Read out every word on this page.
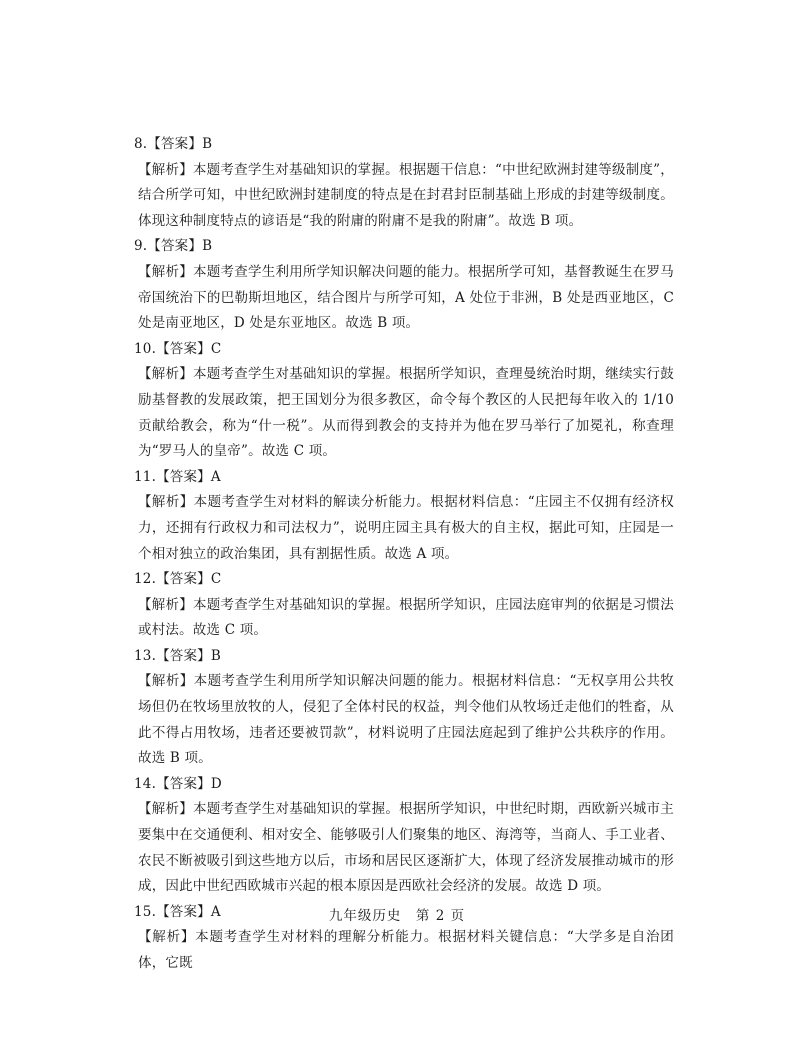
8.【答案】B
【解析】本题考查学生对基础知识的掌握。根据题干信息：“中世纪欧洲封建等级制度”，结合所学可知，中世纪欧洲封建制度的特点是在封君封臣制基础上形成的封建等级制度。体现这种制度特点的谚语是“我的附庸的附庸不是我的附庸”。故选 B 项。
9.【答案】B
【解析】本题考查学生利用所学知识解决问题的能力。根据所学可知，基督教诞生在罗马帝国统治下的巴勒斯坦地区，结合图片与所学可知，A 处位于非洲，B 处是西亚地区，C 处是南亚地区，D 处是东亚地区。故选 B 项。
10.【答案】C
【解析】本题考查学生对基础知识的掌握。根据所学知识，查理曼统治时期，继续实行鼓励基督教的发展政策，把王国划分为很多教区，命令每个教区的人民把每年收入的 1/10 贡献给教会，称为“什一税”。从而得到教会的支持并为他在罗马举行了加冕礼，称查理为“罗马人的皇帝”。故选 C 项。
11.【答案】A
【解析】本题考查学生对材料的解读分析能力。根据材料信息：“庄园主不仅拥有经济权力，还拥有行政权力和司法权力”，说明庄园主具有极大的自主权，据此可知，庄园是一个相对独立的政治集团，具有割据性质。故选 A 项。
12.【答案】C
【解析】本题考查学生对基础知识的掌握。根据所学知识，庄园法庭审判的依据是习惯法或村法。故选 C 项。
13.【答案】B
【解析】本题考查学生利用所学知识解决问题的能力。根据材料信息：“无权享用公共牧场但仍在牧场里放牧的人，侵犯了全体村民的权益，判令他们从牧场迁走他们的牲畜，从此不得占用牧场，违者还要被罚款”，材料说明了庄园法庭起到了维护公共秩序的作用。故选 B 项。
14.【答案】D
【解析】本题考查学生对基础知识的掌握。根据所学知识，中世纪时期，西欧新兴城市主要集中在交通便利、相对安全、能够吸引人们聚集的地区、海湾等，当商人、手工业者、农民不断被吸引到这些地方以后，市场和居民区逐渐扩大，体现了经济发展推动城市的形成，因此中世纪西欧城市兴起的根本原因是西欧社会经济的发展。故选 D 项。
15.【答案】A
【解析】本题考查学生对材料的理解分析能力。根据材料关键信息：“大学多是自治团体，它既
九年级历史　第 2 页
